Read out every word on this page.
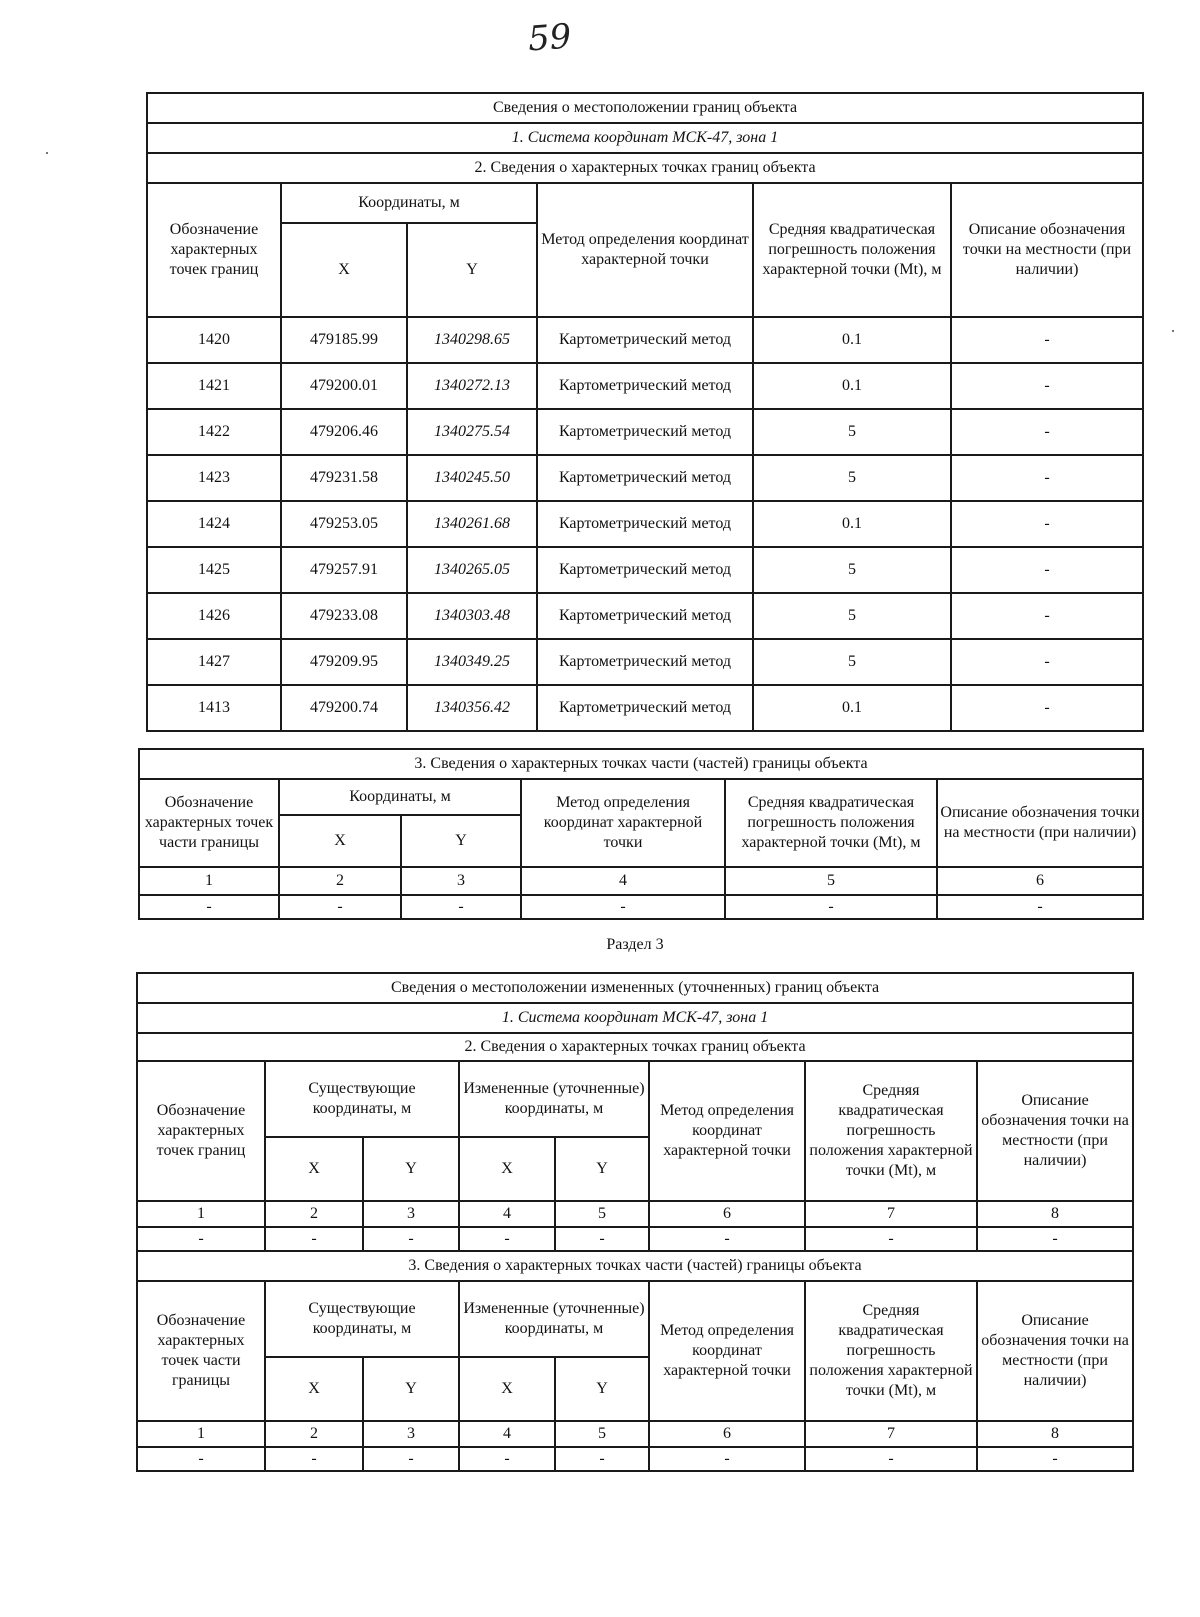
59
Сведения о местоположении границ объекта					
1. Система координат МСК-47, зона 1					
2. Сведения о характерных точках границ объекта					
Обозначение характерных точек границ	Координаты, м		Метод определения координат характерной точки	Средняя квадратическая погрешность положения характерной точки (Mt), м	Описание обозначения точки на местности (при наличии)
	X	Y			
1420	479185.99	1340298.65	Картометрический метод	0.1	-
1421	479200.01	1340272.13	Картометрический метод	0.1	-
1422	479206.46	1340275.54	Картометрический метод	5	-
1423	479231.58	1340245.50	Картометрический метод	5	-
1424	479253.05	1340261.68	Картометрический метод	0.1	-
1425	479257.91	1340265.05	Картометрический метод	5	-
1426	479233.08	1340303.48	Картометрический метод	5	-
1427	479209.95	1340349.25	Картометрический метод	5	-
1413	479200.74	1340356.42	Картометрический метод	0.1	-
3. Сведения о характерных точках части (частей) границы объекта					
Обозначение характерных точек части границы	Координаты, м		Метод определения координат характерной точки	Средняя квадратическая погрешность положения характерной точки (Mt), м	Описание обозначения точки на местности (при наличии)
	X	Y			
1	2	3	4	5	6
-	-	-	-	-	-
Раздел 3
Сведения о местоположении измененных (уточненных) границ объекта							
1. Система координат МСК-47, зона 1							
2. Сведения о характерных точках границ объекта							
Обозначение характерных точек границ	Существующие координаты, м		Измененные (уточненные) координаты, м		Метод определения координат характерной точки	Средняя квадратическая погрешность положения характерной точки (Mt), м	Описание обозначения точки на местности (при наличии)
	X	Y	X	Y			
1	2	3	4	5	6	7	8
-	-	-	-	-	-	-	-
3. Сведения о характерных точках части (частей) границы объекта							
Обозначение характерных точек части границы	Существующие координаты, м		Измененные (уточненные) координаты, м		Метод определения координат характерной точки	Средняя квадратическая погрешность положения характерной точки (Mt), м	Описание обозначения точки на местности (при наличии)
	X	Y	X	Y			
1	2	3	4	5	6	7	8
-	-	-	-	-	-	-	-
